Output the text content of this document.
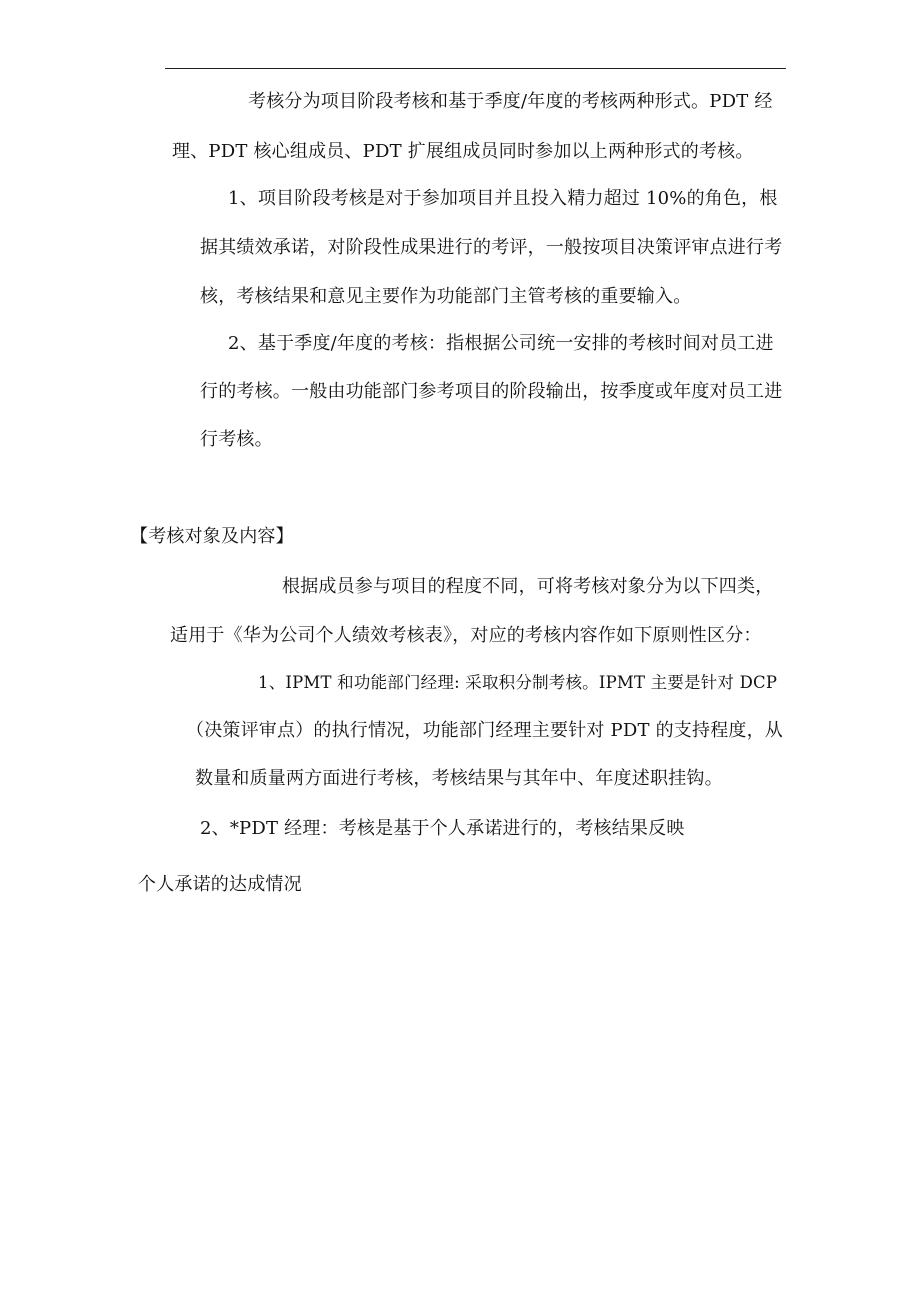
考核分为项目阶段考核和基于季度/年度的考核两种形式。PDT 经
理、PDT 核心组成员、PDT 扩展组成员同时参加以上两种形式的考核。
1、项目阶段考核是对于参加项目并且投入精力超过 10%的角色，根
据其绩效承诺，对阶段性成果进行的考评，一般按项目决策评审点进行考
核，考核结果和意见主要作为功能部门主管考核的重要输入。
2、基于季度/年度的考核：指根据公司统一安排的考核时间对员工进
行的考核。一般由功能部门参考项目的阶段输出，按季度或年度对员工进
行考核。
【考核对象及内容】
根据成员参与项目的程度不同，可将考核对象分为以下四类，
适用于《华为公司个人绩效考核表》，对应的考核内容作如下原则性区分：
1、IPMT 和功能部门经理: 采取积分制考核。IPMT 主要是针对 DCP
（决策评审点）的执行情况，功能部门经理主要针对 PDT 的支持程度，从
数量和质量两方面进行考核，考核结果与其年中、年度述职挂钩。
2、*PDT 经理：考核是基于个人承诺进行的，考核结果反映
个人承诺的达成情况
